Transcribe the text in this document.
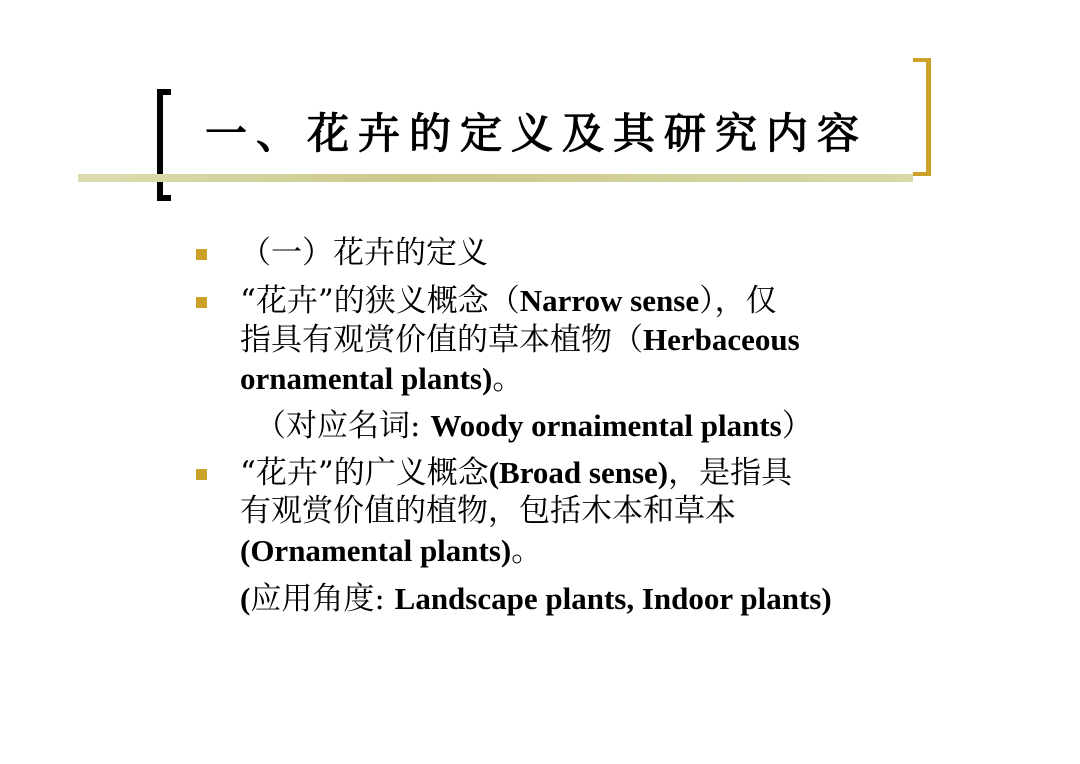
一、花卉的定义及其研究内容
（一）花卉的定义
“花卉”的狭义概念（Narrow sense），仅
指具有观赏价值的草本植物（Herbaceous
ornamental plants)。
（对应名词: Woody ornaimental plants）
“花卉”的广义概念(Broad sense)，是指具
有观赏价值的植物，包括木本和草本
(Ornamental plants)。
(应用角度: Landscape plants, Indoor plants)
